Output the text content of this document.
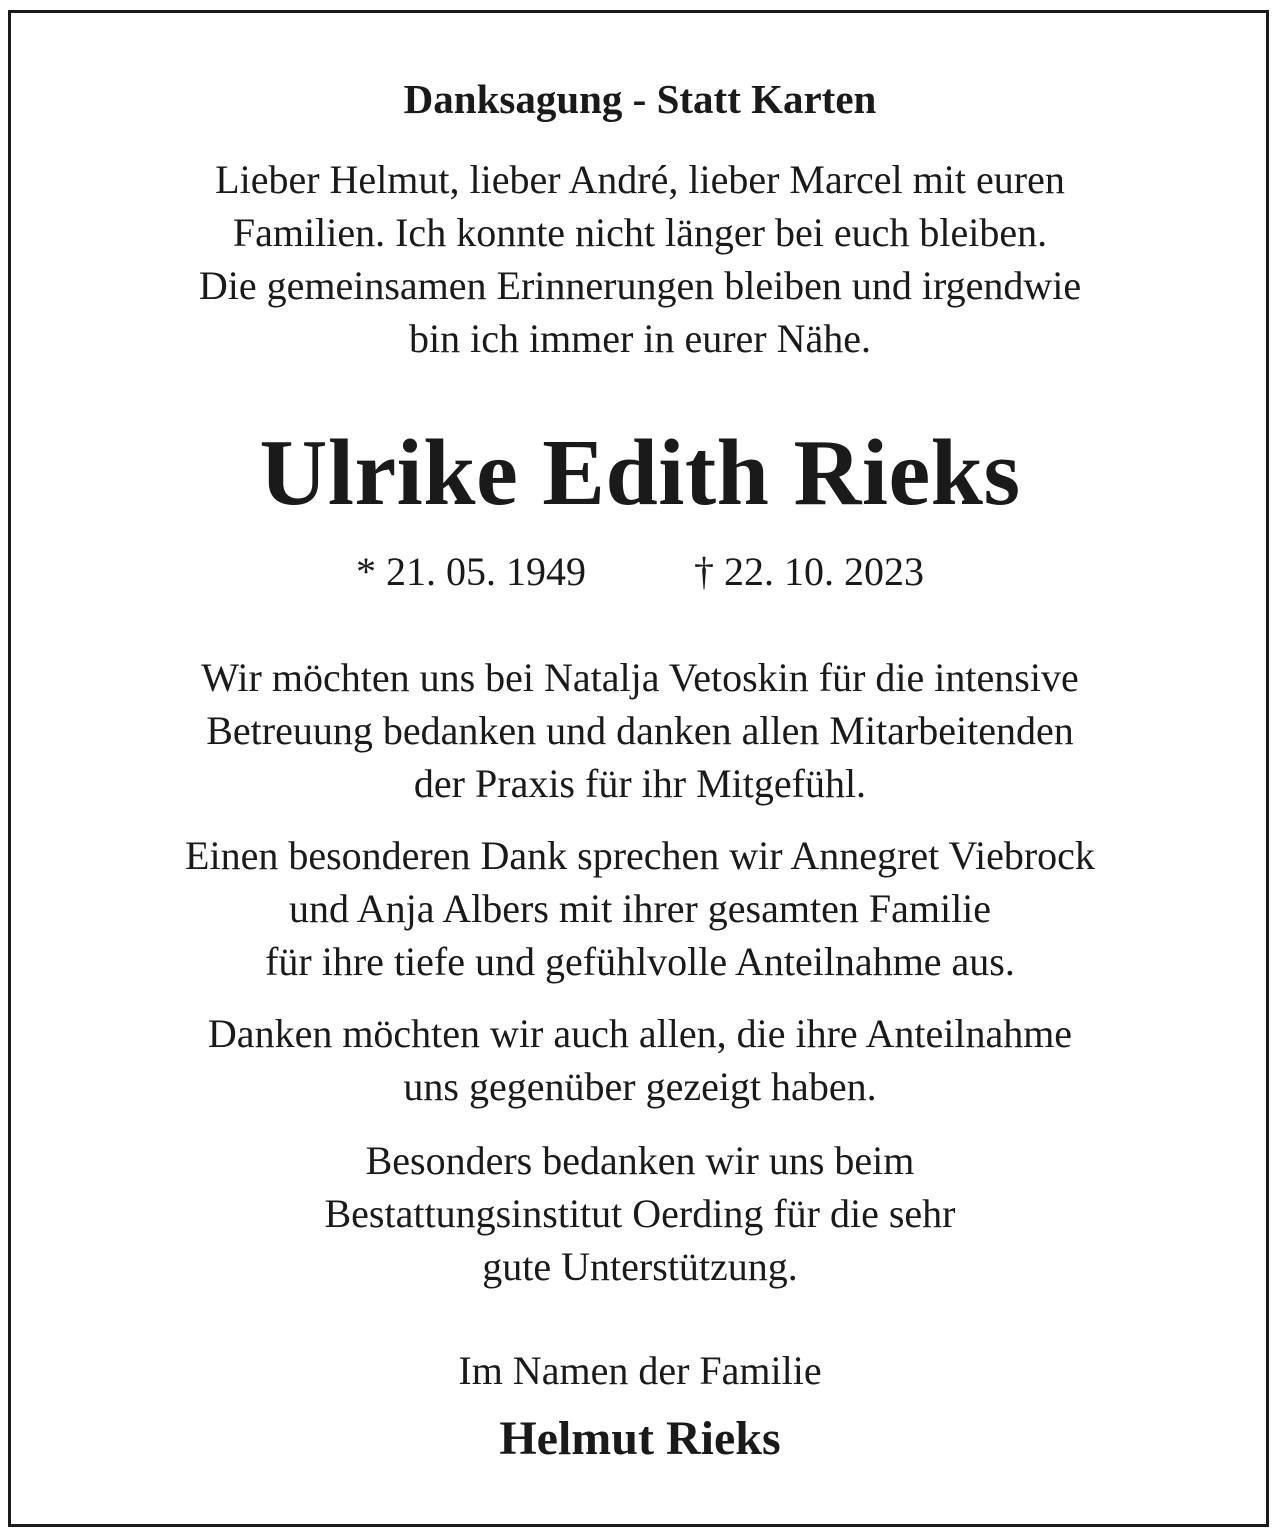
Danksagung - Statt Karten
Lieber Helmut, lieber André, lieber Marcel mit euren
Familien. Ich konnte nicht länger bei euch bleiben.
Die gemeinsamen Erinnerungen bleiben und irgendwie
bin ich immer in eurer Nähe.
Ulrike Edith Rieks
* 21. 05. 1949	† 22. 10. 2023
Wir möchten uns bei Natalja Vetoskin für die intensive
Betreuung bedanken und danken allen Mitarbeitenden
der Praxis für ihr Mitgefühl.
Einen besonderen Dank sprechen wir Annegret Viebrock
und Anja Albers mit ihrer gesamten Familie
für ihre tiefe und gefühlvolle Anteilnahme aus.
Danken möchten wir auch allen, die ihre Anteilnahme
uns gegenüber gezeigt haben.
Besonders bedanken wir uns beim
Bestattungsinstitut Oerding für die sehr
gute Unterstützung.
Im Namen der Familie
Helmut Rieks
